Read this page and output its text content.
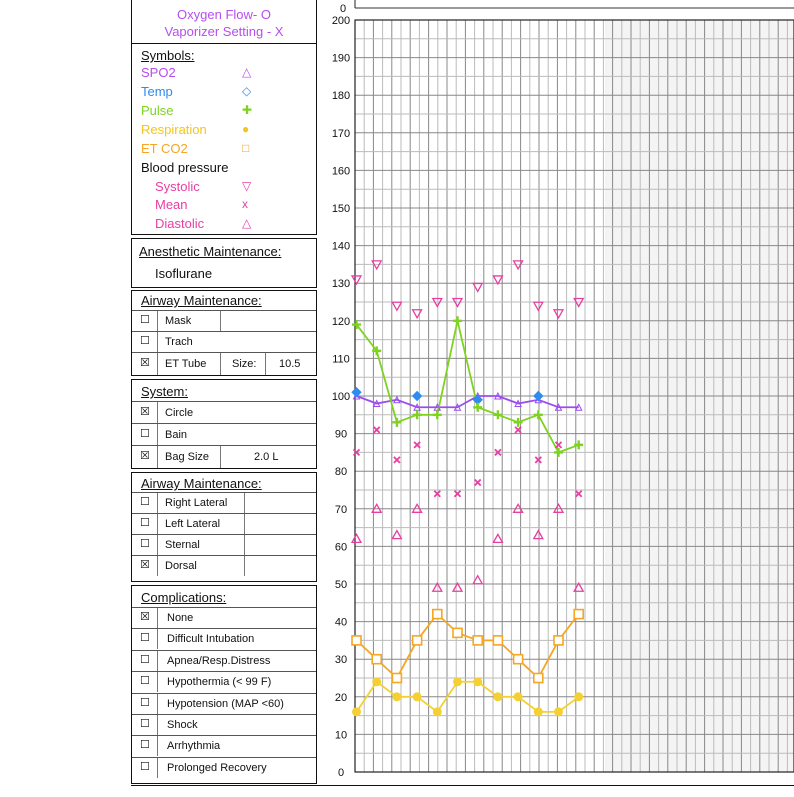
Oxygen Flow- O
Vaporizer Setting - X
Symbols:
SPO2	△
Temp	◇
Pulse	✚
Respiration	●
ET CO2	□
Blood pressure
Systolic	▽
Mean	x
Diastolic	△
Anesthetic Maintenance:
Isoflurane
Airway Maintenance:
☐ Mask
☐ Trach
☒ ET Tube Size: 10.5
System:
☒ Circle
☐ Bain
☒ Bag Size	2.0 L
Airway Maintenance:
☐ Right Lateral
☐ Left Lateral
☐ Sternal
☒ Dorsal
Complications:
☒ None
☐ Difficult Intubation
☐ Apnea/Resp.Distress
☐ Hypothermia (< 99 F)
☐ Hypotension (MAP <60)
☐ Shock
☐ Arrhythmia
☐ Prolonged Recovery	0
10
20
30
40
50
60
70
80
90
100
110
120
130
140
150
160
170
180
190
200
0
